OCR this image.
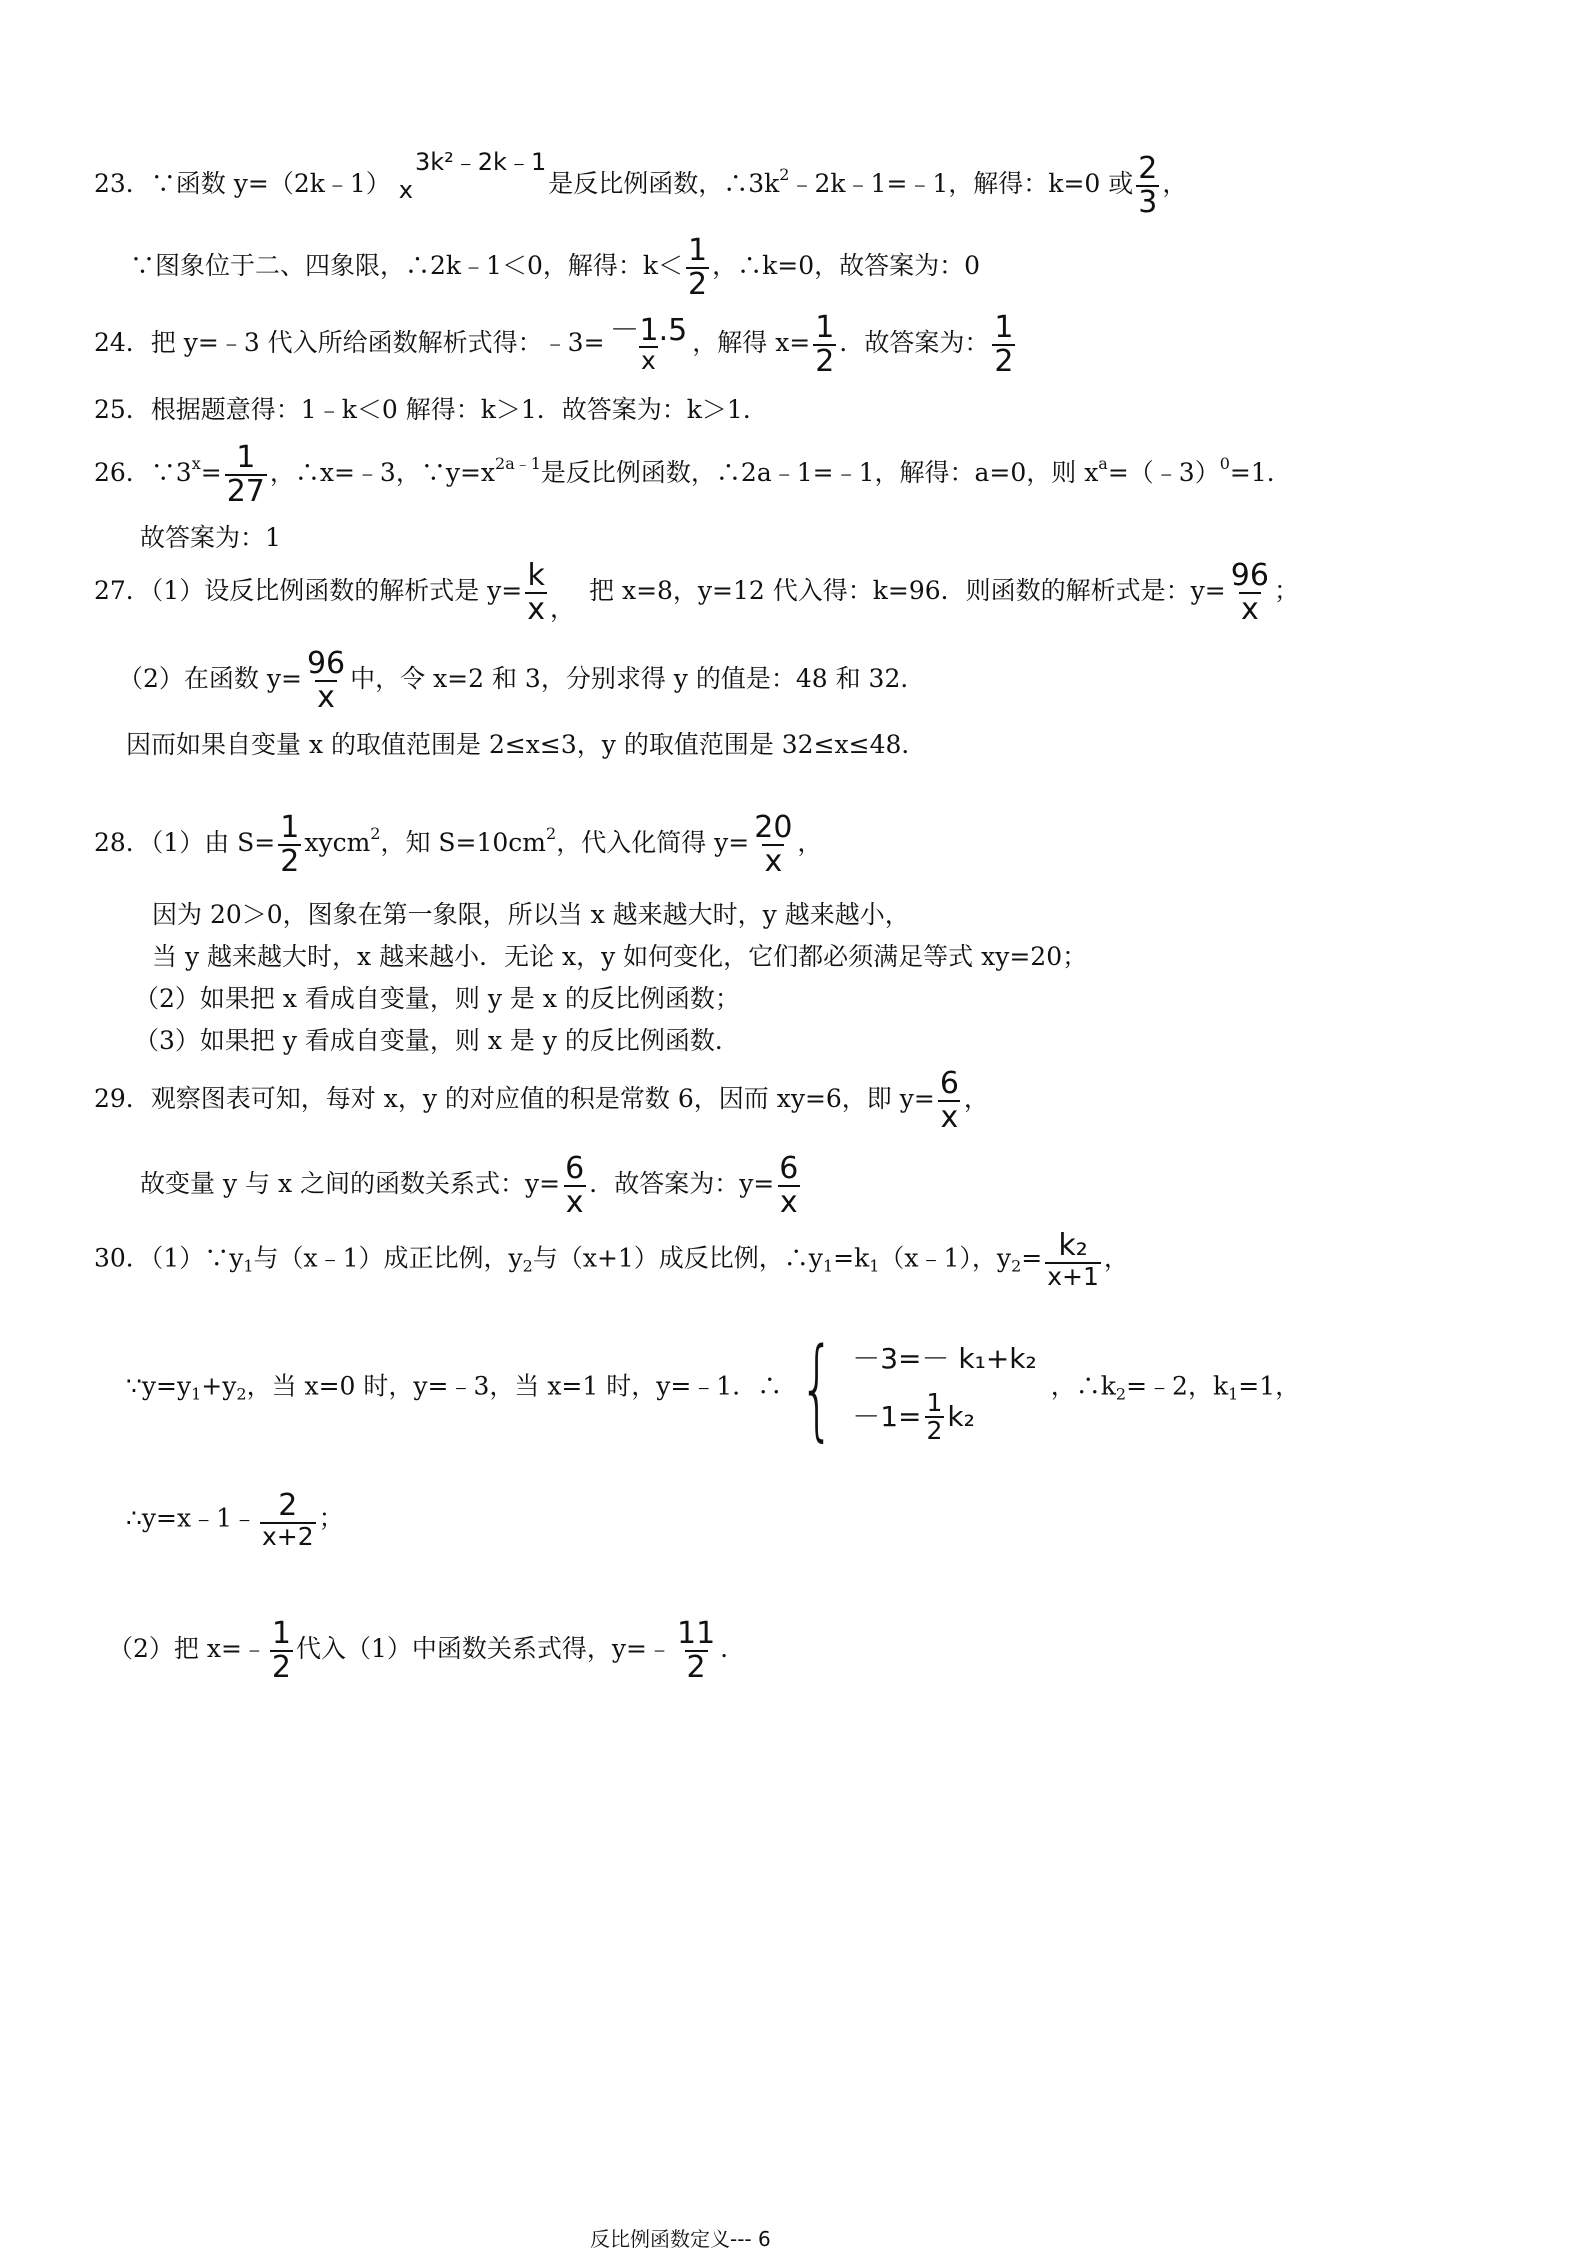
23．∵函数 y=（2k﹣1） x3k²﹣2k﹣1是反比例函数，$\therefore 3k^2﹣2k﹣1=﹣1$，解得：k=0 或 $\frac{2}{3}$ ，
∵图象位于二、四象限，∴2k﹣1＜0，解得：$k< \frac{1}{2}$ ，∴k=0，故答案为：0
24．把 y=﹣3 代入所给函数解析式得：﹣3= $\frac{-1.5}{x}$ ，解得 $x= \frac{1}{2}$ ．故答案为： $\frac{1}{2}$
25．根据题意得：1﹣k＜0 解得：k＞1．故答案为：k＞1．
26．$\because 3^x= \frac{1}{27}$ ，∴x=﹣3，$\because y=x^{2a﹣1}$是反比例函数，∴2a﹣1=﹣1，解得：a=0，则 $x^a=(﹣3)^0=1$．
故答案为：1
27．（1）设反比例函数的解析式是 $y= \frac{k}{x}$ ，把 x=8，y=12 代入得：k=96．则函数的解析式是：$y= \frac{96}{x}$ ；
（2）在函数 $y= \frac{96}{x}$ 中，令 x=2 和 3，分别求得 y 的值是：48 和 32．
因而如果自变量 x 的取值范围是 2≤x≤3，y 的取值范围是 32≤x≤48．
28．（1）由 $S= \frac{1}{2}$ xycm$^2$，知 $S=10cm^2$，代入化简得 $y= \frac{20}{x}$ ，
因为 20＞0，图象在第一象限，所以当 x 越来越大时，y 越来越小，
当 y 越来越大时，x 越来越小．无论 x，y 如何变化，它们都必须满足等式 xy=20；
（2）如果把 x 看成自变量，则 y 是 x 的反比例函数；
（3）如果把 y 看成自变量，则 x 是 y 的反比例函数．
29．观察图表可知，每对 x，y 的对应值的积是常数 6，因而 xy=6，即 $y= \frac{6}{x}$ ，
故变量 y 与 x 之间的函数关系式：$y= \frac{6}{x}$ ．故答案为：$y= \frac{6}{x}$
30．$(1)\because y_1$与（x﹣1）成正比例，$y_2$与（x+1）成反比例，$\therefore y_1=k_1(x﹣1)$，$y_2= \frac{\text{k₂}}{x+1}$ ，
$\because y=y_1+y_2$，当 x=0 时，y=﹣3，当 x=1 时，y=﹣1．∴ { －3=－ k₁+k₂
$-1= \frac{1}{2} k_2$
，$\therefore k_2=﹣2$，$k_1=1$，
∴y=x﹣1﹣ $\frac{2}{x+2}$ ；
（2）把 x=﹣ $\frac{1}{2}$ 代入（1）中函数关系式得，y=﹣ $\frac{11}{2}$ .
反比例函数定义--- 6
